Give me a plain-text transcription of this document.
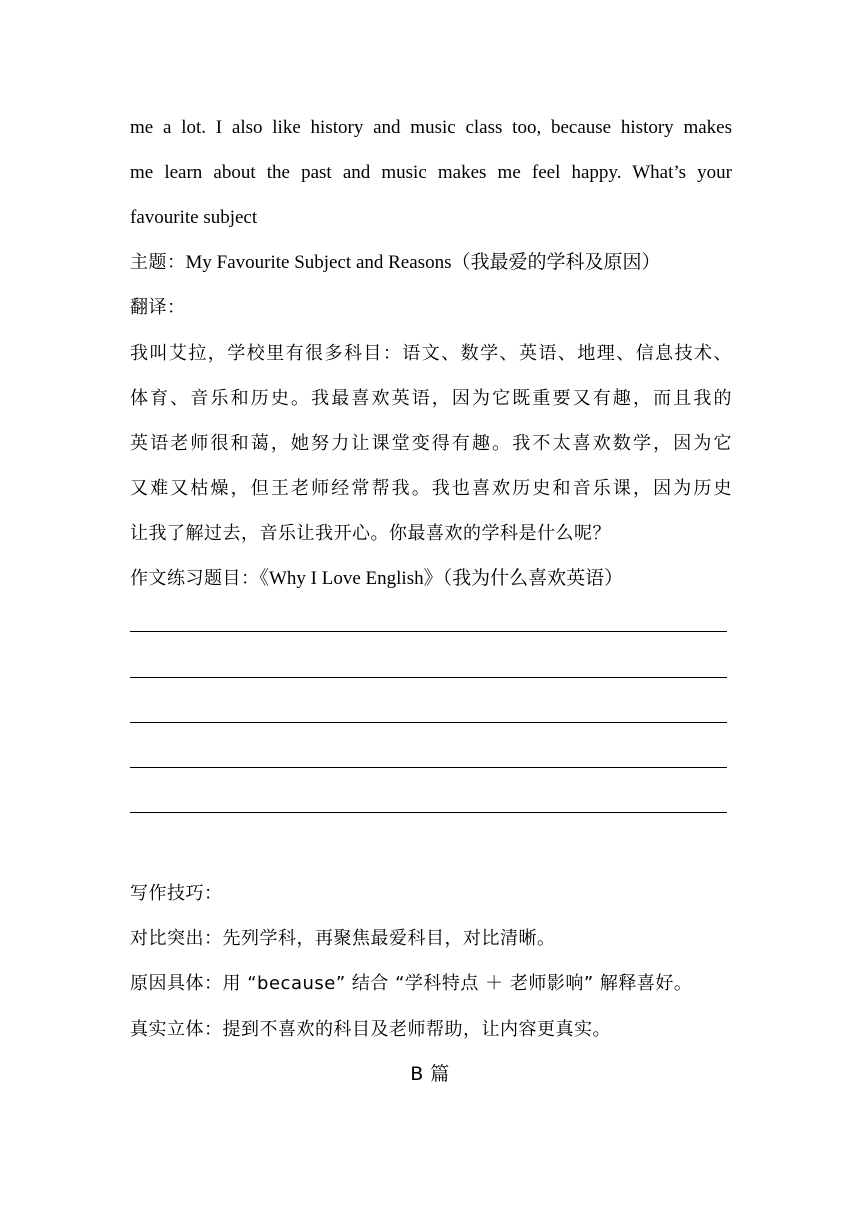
me a lot. I also like history and music class too, because history makes
me learn about the past and music makes me feel happy. What’s your
favourite subject
主题：My Favourite Subject and Reasons（我最爱的学科及原因）
翻译：
我叫艾拉，学校里有很多科目：语文、数学、英语、地理、信息技术、
体育、音乐和历史。我最喜欢英语，因为它既重要又有趣，而且我的
英语老师很和蔼，她努力让课堂变得有趣。我不太喜欢数学，因为它
又难又枯燥，但王老师经常帮我。我也喜欢历史和音乐课，因为历史
让我了解过去，音乐让我开心。你最喜欢的学科是什么呢？
作文练习题目：《Why I Love English》（我为什么喜欢英语）
写作技巧：
对比突出：先列学科，再聚焦最爱科目，对比清晰。
原因具体：用 “because” 结合 “学科特点 ＋ 老师影响” 解释喜好。
真实立体：提到不喜欢的科目及老师帮助，让内容更真实。
B 篇
